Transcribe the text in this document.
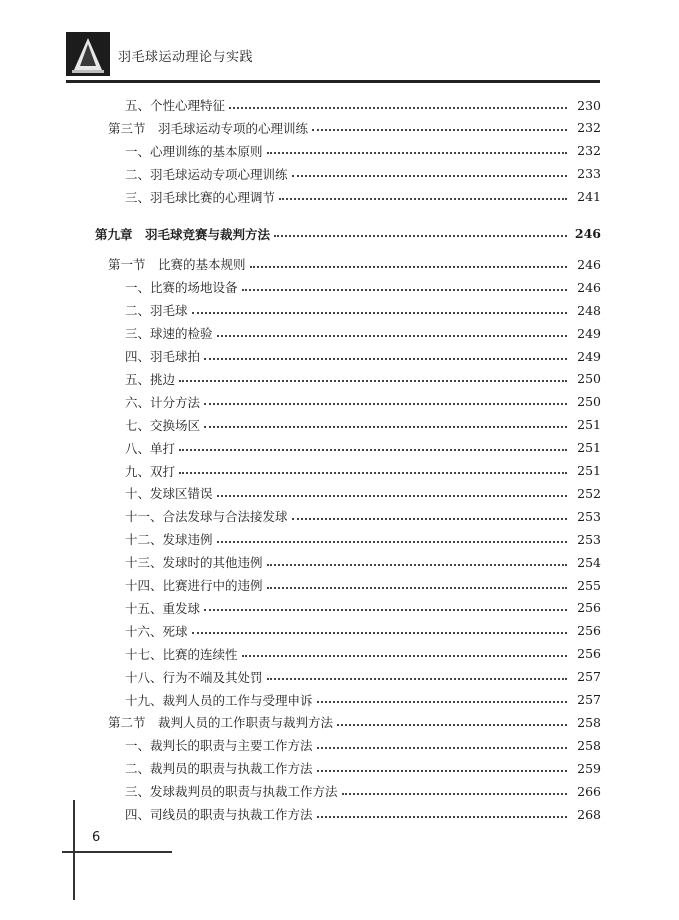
羽毛球运动理论与实践
五、个性心理特征	230
第三节　羽毛球运动专项的心理训练	232
一、心理训练的基本原则	232
二、羽毛球运动专项心理训练	233
三、羽毛球比赛的心理调节	241
第九章　羽毛球竞赛与裁判方法	246
第一节　比赛的基本规则	246
一、比赛的场地设备	246
二、羽毛球	248
三、球速的检验	249
四、羽毛球拍	249
五、挑边	250
六、计分方法	250
七、交换场区	251
八、单打	251
九、双打	251
十、发球区错误	252
十一、合法发球与合法接发球	253
十二、发球违例	253
十三、发球时的其他违例	254
十四、比赛进行中的违例	255
十五、重发球	256
十六、死球	256
十七、比赛的连续性	256
十八、行为不端及其处罚	257
十九、裁判人员的工作与受理申诉	257
第二节　裁判人员的工作职责与裁判方法	258
一、裁判长的职责与主要工作方法	258
二、裁判员的职责与执裁工作方法	259
三、发球裁判员的职责与执裁工作方法	266
四、司线员的职责与执裁工作方法	268
6
